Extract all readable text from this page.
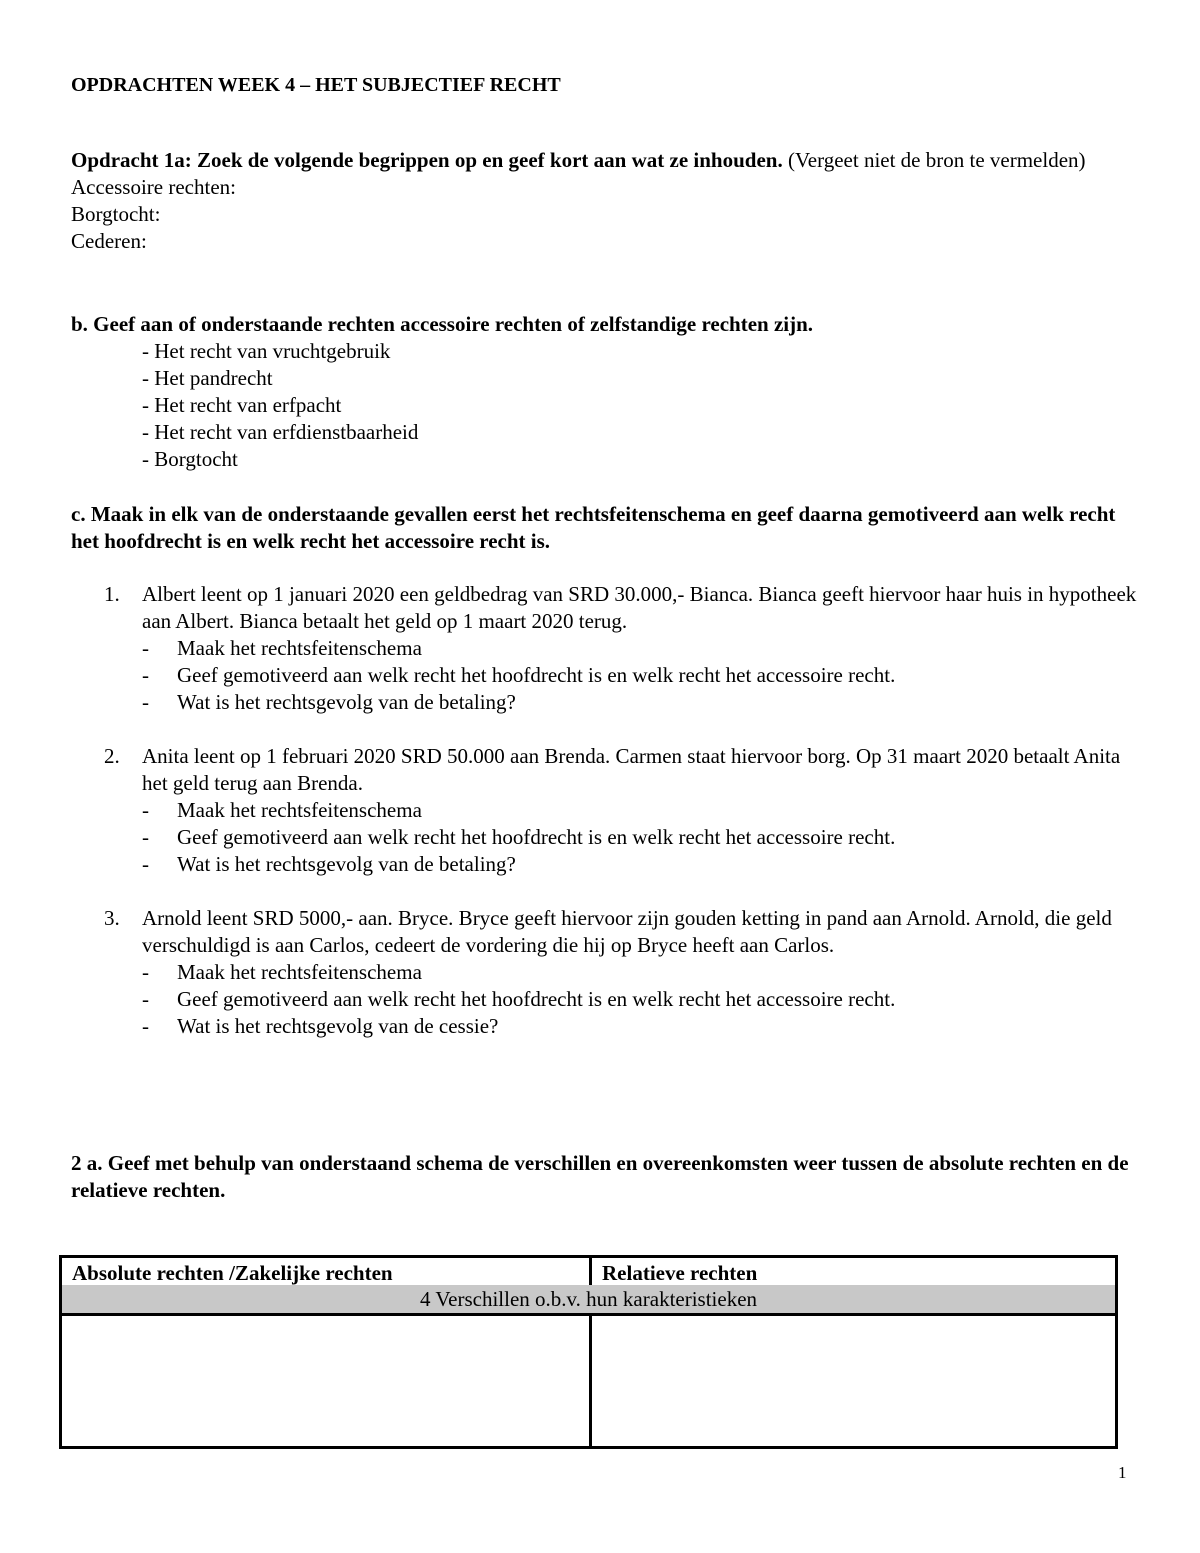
OPDRACHTEN WEEK 4 – HET SUBJECTIEF RECHT
Opdracht 1a: Zoek de volgende begrippen op en geef kort aan wat ze inhouden. (Vergeet niet de bron te vermelden)
Accessoire rechten:
Borgtocht:
Cederen:
b. Geef aan of onderstaande rechten accessoire rechten of zelfstandige rechten zijn.
- Het recht van vruchtgebruik
- Het pandrecht
- Het recht van erfpacht
- Het recht van erfdienstbaarheid
- Borgtocht
c. Maak in elk van de onderstaande gevallen eerst het rechtsfeitenschema en geef daarna gemotiveerd aan welk recht het hoofdrecht is en welk recht het accessoire recht is.
1. Albert leent op 1 januari 2020 een geldbedrag van SRD 30.000,- Bianca. Bianca geeft hiervoor haar huis in hypotheek aan Albert. Bianca betaalt het geld op 1 maart 2020 terug.
- Maak het rechtsfeitenschema
- Geef gemotiveerd aan welk recht het hoofdrecht is en welk recht het accessoire recht.
- Wat is het rechtsgevolg van de betaling?
2. Anita leent op 1 februari 2020 SRD 50.000 aan Brenda. Carmen staat hiervoor borg. Op 31 maart 2020 betaalt Anita het geld terug aan Brenda.
- Maak het rechtsfeitenschema
- Geef gemotiveerd aan welk recht het hoofdrecht is en welk recht het accessoire recht.
- Wat is het rechtsgevolg van de betaling?
3. Arnold leent SRD 5000,- aan. Bryce. Bryce geeft hiervoor zijn gouden ketting in pand aan Arnold. Arnold, die geld verschuldigd is aan Carlos, cedeert de vordering die hij op Bryce heeft aan Carlos.
- Maak het rechtsfeitenschema
- Geef gemotiveerd aan welk recht het hoofdrecht is en welk recht het accessoire recht.
- Wat is het rechtsgevolg van de cessie?
2 a. Geef met behulp van onderstaand schema de verschillen en overeenkomsten weer tussen de absolute rechten en de relatieve rechten.
Absolute rechten /Zakelijke rechten	Relatieve rechten
4 Verschillen o.b.v. hun karakteristieken
1
